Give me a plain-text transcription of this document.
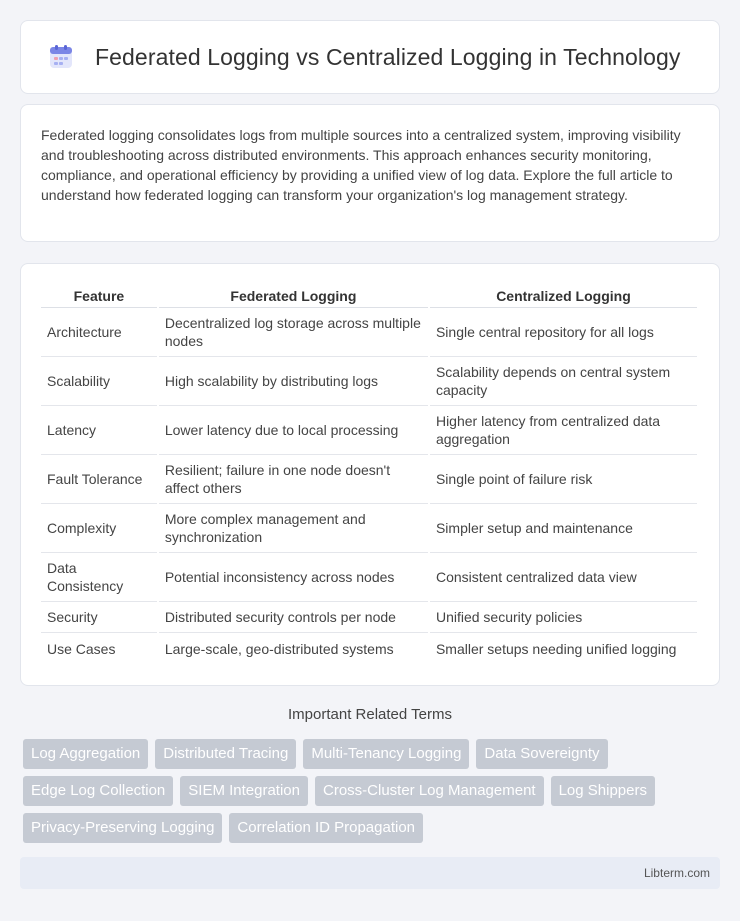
Federated Logging vs Centralized Logging in Technology

Federated logging consolidates logs from multiple sources into a centralized system, improving visibility and troubleshooting across distributed environments. This approach enhances security monitoring, compliance, and operational efficiency by providing a unified view of log data. Explore the full article to understand how federated logging can transform your organization's log management strategy.

Feature	Federated Logging	Centralized Logging
Architecture	Decentralized log storage across multiple nodes	Single central repository for all logs
Scalability	High scalability by distributing logs	Scalability depends on central system capacity
Latency	Lower latency due to local processing	Higher latency from centralized data aggregation
Fault Tolerance	Resilient; failure in one node doesn't affect others	Single point of failure risk
Complexity	More complex management and synchronization	Simpler setup and maintenance
Data Consistency	Potential inconsistency across nodes	Consistent centralized data view
Security	Distributed security controls per node	Unified security policies
Use Cases	Large-scale, geo-distributed systems	Smaller setups needing unified logging
Important Related Terms
Log Aggregation	Distributed Tracing	Multi-Tenancy Logging	Data Sovereignty
Edge Log Collection	SIEM Integration	Cross-Cluster Log Management	Log Shippers
Privacy-Preserving Logging	Correlation ID Propagation
Libterm.com
